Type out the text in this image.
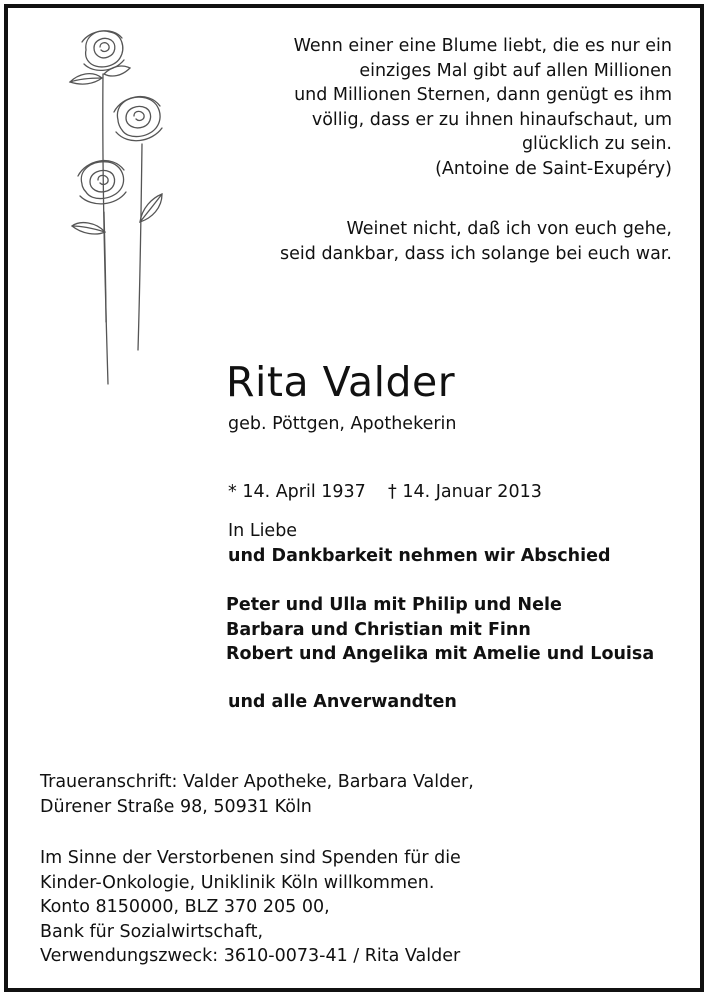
Wenn einer eine Blume liebt, die es nur ein
einziges Mal gibt auf allen Millionen
und Millionen Sternen, dann genügt es ihm
völlig, dass er zu ihnen hinaufschaut, um
glücklich zu sein.
(Antoine de Saint-Exupéry)
Weinet nicht, daß ich von euch gehe,
seid dankbar, dass ich solange bei euch war.
Rita Valder
geb. Pöttgen, Apothekerin
* 14. April 1937    † 14. Januar 2013
In Liebe
und Dankbarkeit nehmen wir Abschied
Peter und Ulla mit Philip und Nele
Barbara und Christian mit Finn
Robert und Angelika mit Amelie und Louisa
und alle Anverwandten
Traueranschrift: Valder Apotheke, Barbara Valder,
Dürener Straße 98, 50931 Köln
Im Sinne der Verstorbenen sind Spenden für die
Kinder-Onkologie, Uniklinik Köln willkommen.
Konto 8150000, BLZ 370 205 00,
Bank für Sozialwirtschaft,
Verwendungszweck: 3610-0073-41 / Rita Valder
